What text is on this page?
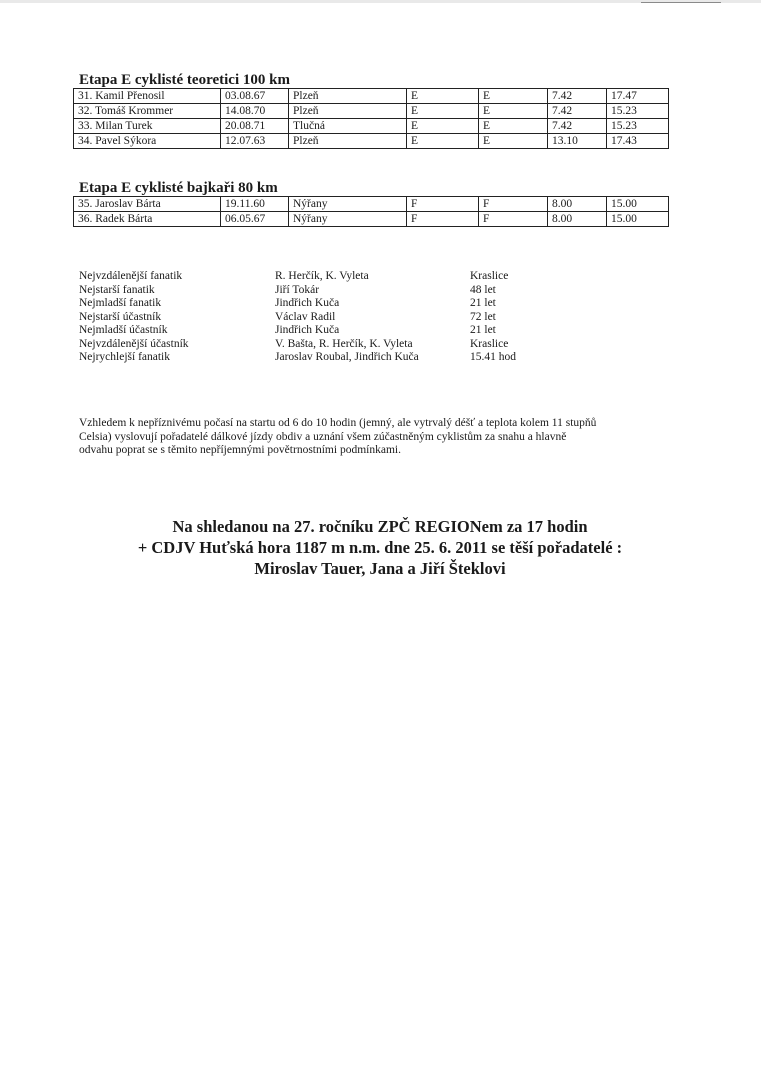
Etapa E cyklisté teoretici 100 km
31. Kamil Přenosil	03.08.67	Plzeň	E	E	7.42	17.47
32. Tomáš Krommer	14.08.70	Plzeň	E	E	7.42	15.23
33. Milan Turek	20.08.71	Tlučná	E	E	7.42	15.23
34. Pavel Sýkora	12.07.63	Plzeň	E	E	13.10	17.43
Etapa E cyklisté bajkaři 80 km
35. Jaroslav Bárta	19.11.60	Nýřany	F	F	8.00	15.00
36. Radek Bárta	06.05.67	Nýřany	F	F	8.00	15.00
Nejvzdálenější fanatik	R. Herčík, K. Vyleta	Kraslice
Nejstarší fanatik	Jiří Tokár	48 let
Nejmladší fanatik	Jindřich Kuča	21 let
Nejstarší účastník	Václav Radil	72 let
Nejmladší účastník	Jindřich Kuča	21 let
Nejvzdálenější účastník	V. Bašta, R. Herčík, K. Vyleta	Kraslice
Nejrychlejší fanatik	Jaroslav Roubal, Jindřich Kuča	15.41 hod
Vzhledem k nepříznivému počasí na startu od 6 do 10 hodin (jemný, ale vytrvalý déšť a teplota kolem 11 stupňů
Celsia) vyslovují pořadatelé dálkové jízdy obdiv a uznání všem zúčastněným cyklistům za snahu a hlavně
odvahu poprat se s těmito nepříjemnými povětrnostními podmínkami.
Na shledanou na 27. ročníku ZPČ REGIONem za 17 hodin
+ CDJV Huťská hora 1187 m n.m. dne 25. 6. 2011 se těší pořadatelé :
Miroslav Tauer, Jana a Jiří Šteklovi
